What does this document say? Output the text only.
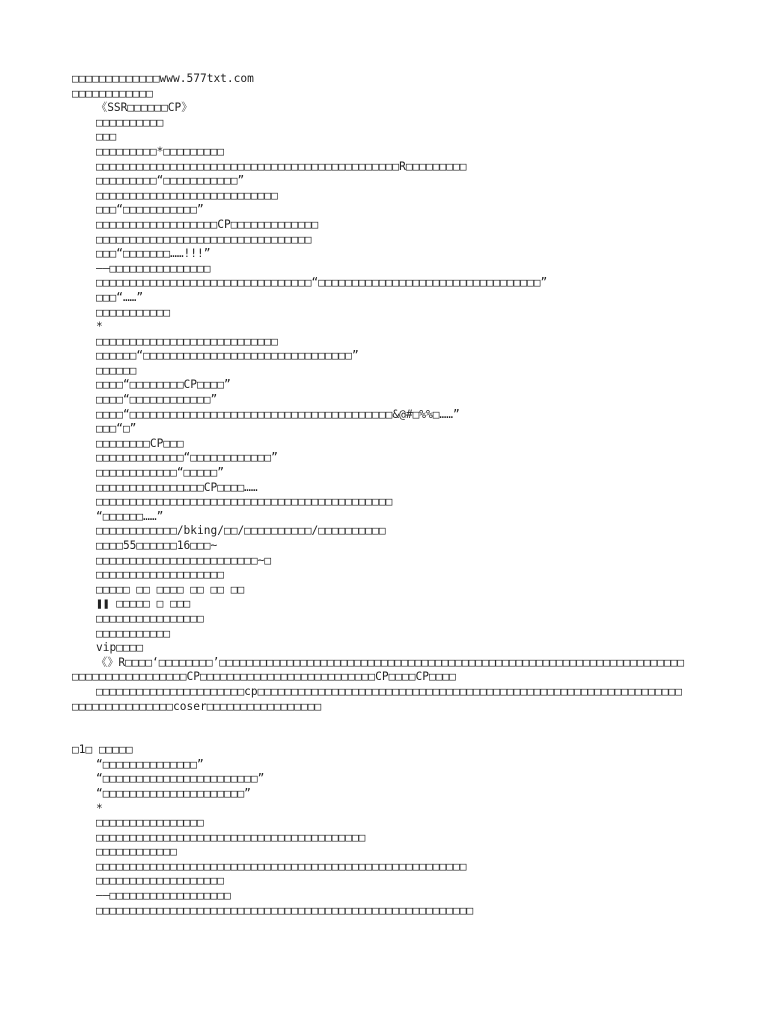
□□□□□□□□□□□□□www.577txt.com
□□□□□□□□□□□□
《SSR□□□□□□CP》
□□□□□□□□□□
□□□
□□□□□□□□□*□□□□□□□□□
□□□□□□□□□□□□□□□□□□□□□□□□□□□□□□□□□□□□□□□□□□□□□R□□□□□□□□□
□□□□□□□□□“□□□□□□□□□□□”
□□□□□□□□□□□□□□□□□□□□□□□□□□□
□□□“□□□□□□□□□□□”
□□□□□□□□□□□□□□□□□□CP□□□□□□□□□□□□□
□□□□□□□□□□□□□□□□□□□□□□□□□□□□□□□□
□□□“□□□□□□□……!!!”
——□□□□□□□□□□□□□□□
□□□□□□□□□□□□□□□□□□□□□□□□□□□□□□□□“□□□□□□□□□□□□□□□□□□□□□□□□□□□□□□□□□”
□□□“……”
□□□□□□□□□□□
*
□□□□□□□□□□□□□□□□□□□□□□□□□□□
□□□□□□“□□□□□□□□□□□□□□□□□□□□□□□□□□□□□□□”
□□□□□□
□□□□“□□□□□□□□CP□□□□”
□□□□“□□□□□□□□□□□□”
□□□□“□□□□□□□□□□□□□□□□□□□□□□□□□□□□□□□□□□□□□□□&@#□%%□……”
□□□“□”
□□□□□□□□CP□□□
□□□□□□□□□□□□□“□□□□□□□□□□□□”
□□□□□□□□□□□□“□□□□□”
□□□□□□□□□□□□□□□□CP□□□□……
□□□□□□□□□□□□□□□□□□□□□□□□□□□□□□□□□□□□□□□□□□□□
“□□□□□□……”
□□□□□□□□□□□□/bking/□□/□□□□□□□□□□/□□□□□□□□□□
□□□□55□□□□□□16□□□~
□□□□□□□□□□□□□□□□□□□□□□□□~□
□□□□□□□□□□□□□□□□□□□
□□□□□ □□ □□□□ □□ □□ □□
❚❚ □□□□□ □ □□□
□□□□□□□□□□□□□□□□
□□□□□□□□□□□
vip□□□□
《》R□□□□‘□□□□□□□□’□□□□□□□□□□□□□□□□□□□□□□□□□□□□□□□□□□□□□□□□□□□□□□□□□□□□□□□□□□□□□□□□□□□□□
□□□□□□□□□□□□□□□□□CP□□□□□□□□□□□□□□□□□□□□□□□□□□CP□□□□CP□□□□
□□□□□□□□□□□□□□□□□□□□□□cp□□□□□□□□□□□□□□□□□□□□□□□□□□□□□□□□□□□□□□□□□□□□□□□□□□□□□□□□□□□□□□□
□□□□□□□□□□□□□□□coser□□□□□□□□□□□□□□□□□
□1□ □□□□□
“□□□□□□□□□□□□□□”
“□□□□□□□□□□□□□□□□□□□□□□□”
“□□□□□□□□□□□□□□□□□□□□□”
*
□□□□□□□□□□□□□□□□
□□□□□□□□□□□□□□□□□□□□□□□□□□□□□□□□□□□□□□□□
□□□□□□□□□□□□
□□□□□□□□□□□□□□□□□□□□□□□□□□□□□□□□□□□□□□□□□□□□□□□□□□□□□□□
□□□□□□□□□□□□□□□□□□□
——□□□□□□□□□□□□□□□□□□
□□□□□□□□□□□□□□□□□□□□□□□□□□□□□□□□□□□□□□□□□□□□□□□□□□□□□□□□
